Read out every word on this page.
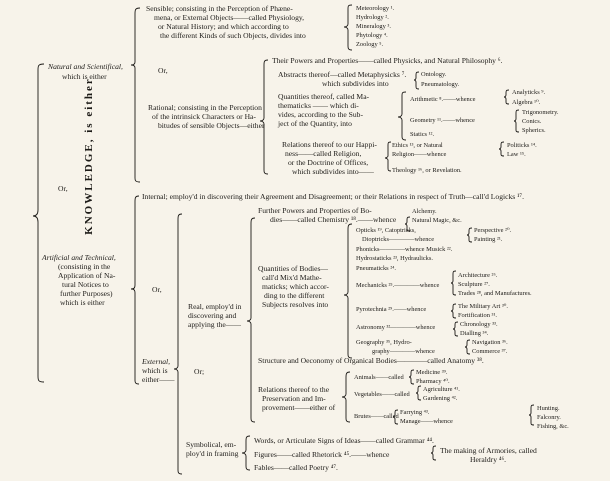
KNOWLEDGE, is either
Or,
Natural and Scientifical,
which is either
Sensible; consisting in the Perception of Phæne-
mena, or External Objects——called Physiology,
or Natural History; and which according to
the different Kinds of such Objects, divides into
Meteorology ¹.
Hydrology ².
Mineralogy ³.
Phytology ⁴.
Zoology ⁵.
Or,
Their Powers and Properties——called Physicks, and Natural Philosophy ⁶.
Abstracts thereof—called Metaphysicks ⁷. Ontology.
which subdivides into	Pneumatology.
Rational; consisting in the Perception
of the intrinsick Characters or Ha-
bitudes of sensible Objects—either
Quantities thereof, called Ma-
thematicks —— which di-
vides, according to the Sub-
ject of the Quantity, into
Arithmetic ⁸.——whence
Analyticks ⁹.
Algebra ¹⁰.
Geometry ¹¹.——whence
Trigonometry.
Conics.
Spherics.
Statics ¹².
Relations thereof to our Happi-
ness——called Religion,
or the Doctrine of Offices,
which subdivides into——
Ethics ¹³, or Natural	Politicks ¹⁴.
Religion——whence	Law ¹⁵.
Theology ¹⁶, or Revelation.
Internal; employ'd in discovering their Agreement and Disagreement; or their Relations in respect of Truth—call'd Logicks ¹⁷.
Artificial and Technical,
(consisting in the
Application of Na-
tural Notices to
further Purposes)
which is either
Or,
External,
which is
either——
Real, employ'd in
discovering and
applying the——
Or;
Further Powers and Properties of Bo-
dies——called Chemistry ¹⁸.——whence
Alchemy.
Natural Magic, &c.
Quantities of Bodies—
call'd Mix'd Mathe-
maticks; which accor-
ding to the different
Subjects resolves into
Opticks ¹⁹, Catoptricks,	Perspective ²⁰.
Dioptricks————whence	Painting ²¹.
Phonicks————whence Musick ²².
Hydrostaticks ²³, Hydraulicks.
Pneumaticks ²⁴.
Mechanicks ²⁵.————whence
Architecture ²⁶.
Sculpture ²⁷.
Trades ²⁸, and Manufactures.
Pyrotechnia ²⁹.——whence	The Military Art ³⁰.
Fortification ³¹.
Astronomy ³²————whence	Chronology ³³.
Dialling ³⁴.
Geography ³⁵, Hydro-
graphy————whence
Navigation ³⁶.
Commerce ³⁷.
Structure and Oeconomy of Organical Bodies————called Anatomy ³⁸.
Relations thereof to the
Preservation and Im-
provement——either of
Animals——called
Medicine ³⁹.
Pharmacy ⁴⁰.
Vegetables——called
Agriculture ⁴¹.
Gardening ⁴².
Brutes——called
Farrying ⁴³.
Manage——whence
Hunting.
Falconry.
Fishing, &c.
Symbolical, em-
ploy'd in framing
Words, or Articulate Signs of Ideas——called Grammar ⁴⁴.
Figures——called Rhetorick ⁴⁵.——whence	The making of Armories, called
Heraldry ⁴⁶.
Fables——called Poetry ⁴⁷.
